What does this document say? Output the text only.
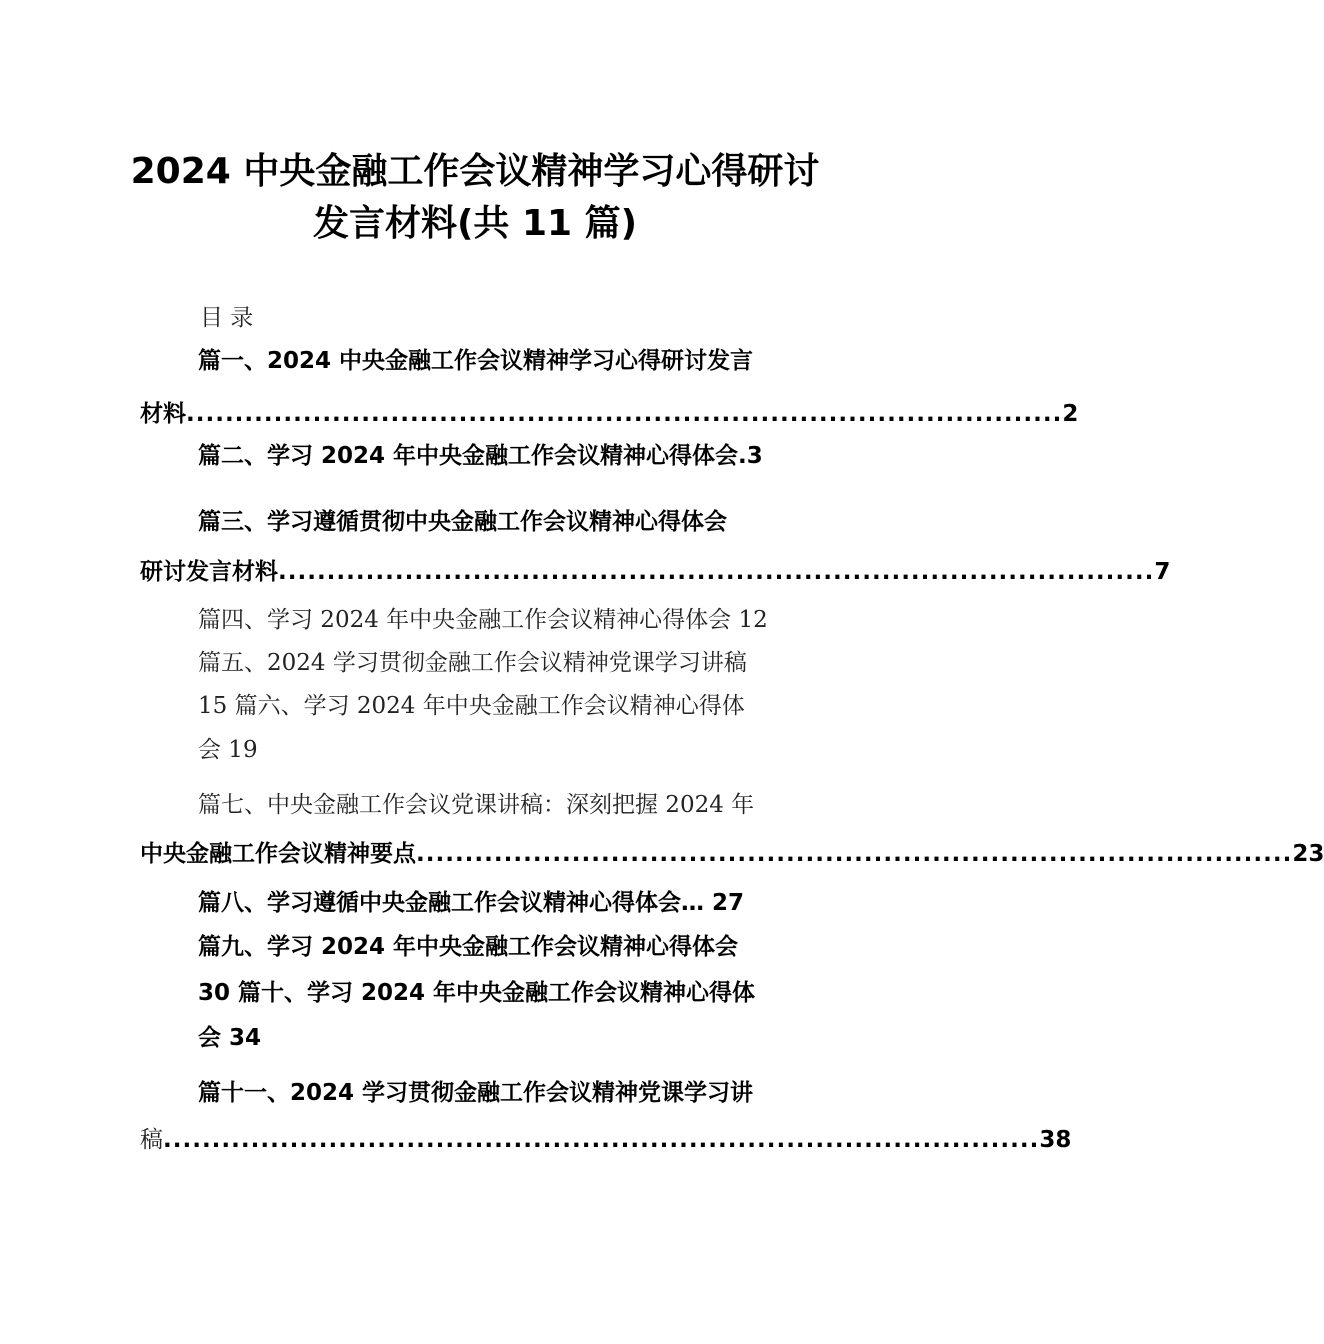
2024 中央金融工作会议精神学习心得研讨
发言材料(共 11 篇)
目 录
篇一、2024 中央金融工作会议精神学习心得研讨发言
材料 .......................................................................................... 2
篇二、学习 2024 年中央金融工作会议精神心得体会.3
篇三、学习遵循贯彻中央金融工作会议精神心得体会
研讨发言材料 .......................................................................................... 7
篇四、学习 2024 年中央金融工作会议精神心得体会 12
篇五、2024 学习贯彻金融工作会议精神党课学习讲稿
15 篇六、学习 2024 年中央金融工作会议精神心得体
会 19
篇七、中央金融工作会议党课讲稿：深刻把握 2024 年
中央金融工作会议精神要点 .......................................................................................... 23
篇八、学习遵循中央金融工作会议精神心得体会… 27
篇九、学习 2024 年中央金融工作会议精神心得体会
30 篇十、学习 2024 年中央金融工作会议精神心得体
会 34
篇十一、2024 学习贯彻金融工作会议精神党课学习讲
稿 .......................................................................................... 38
